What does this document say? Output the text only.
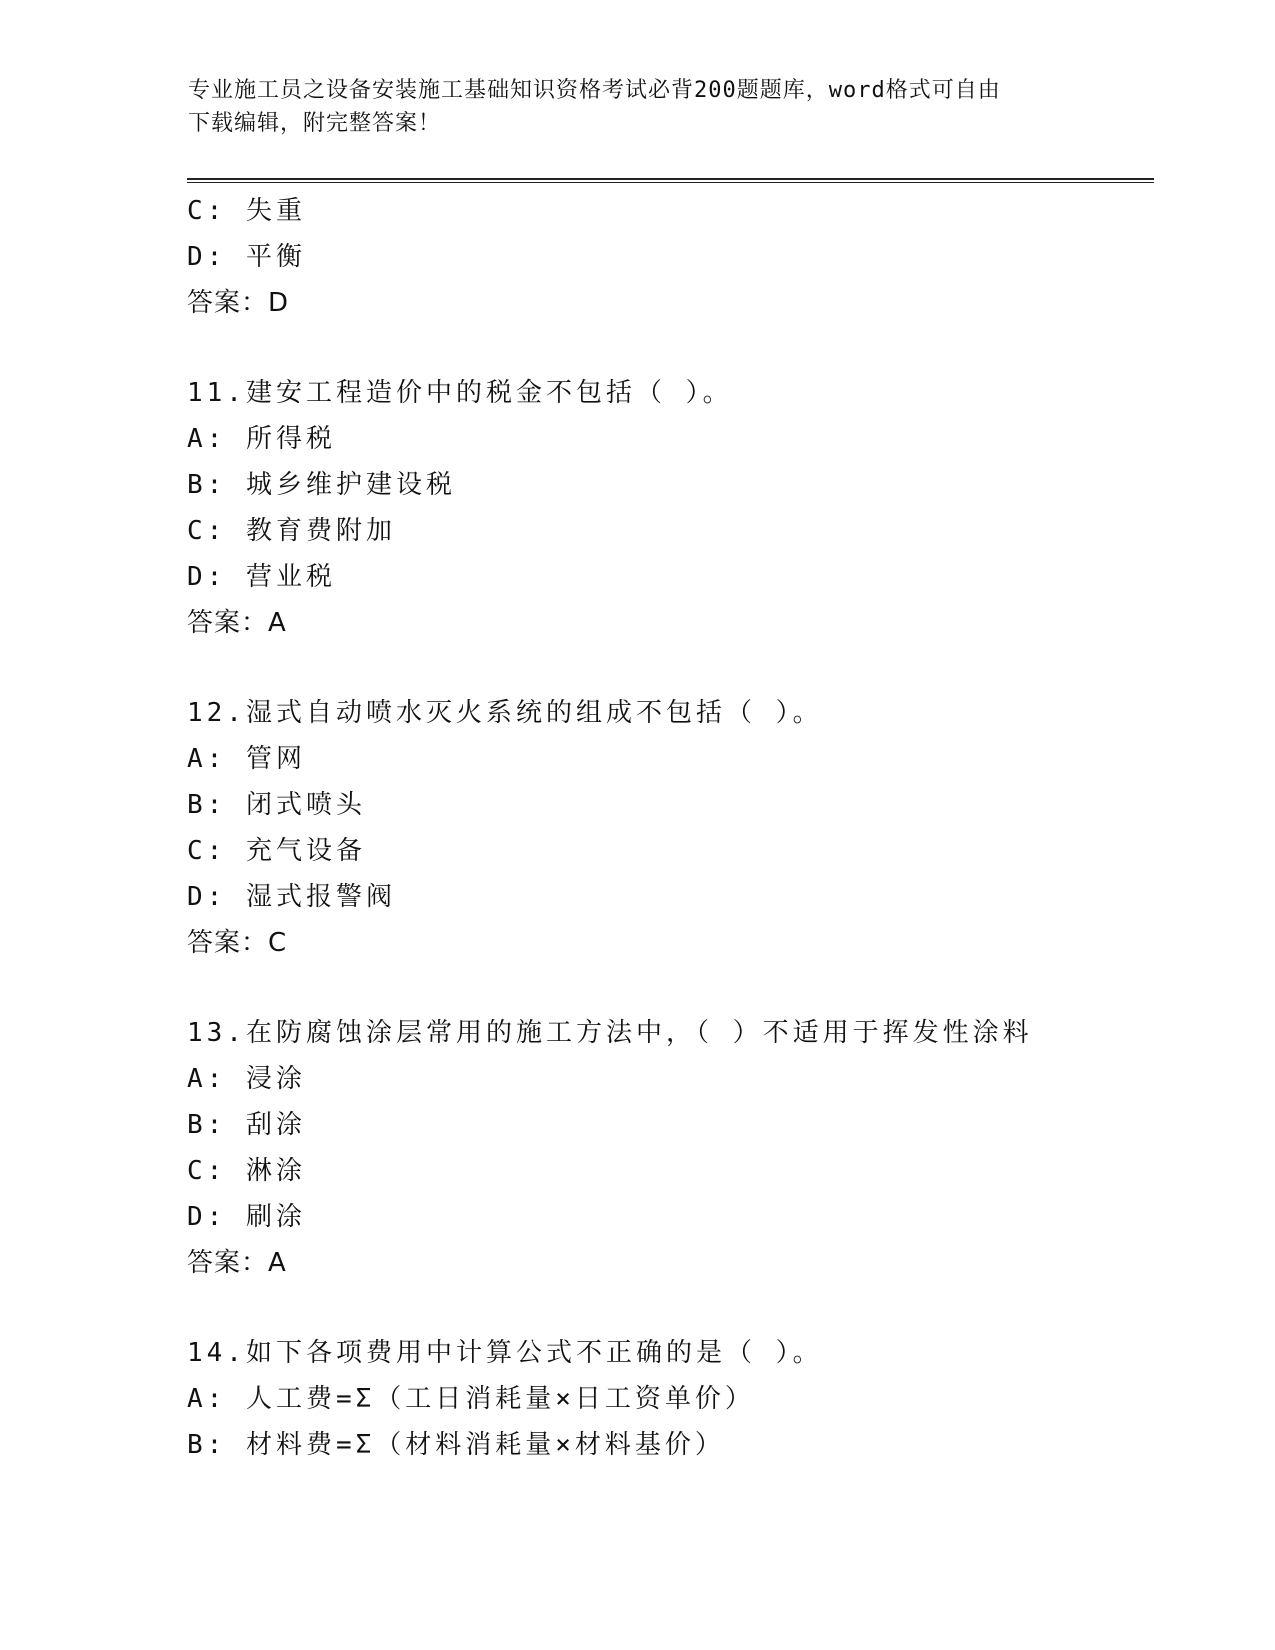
专业施工员之设备安装施工基础知识资格考试必背200题题库，word格式可自由
下载编辑，附完整答案！
C: 失重
D: 平衡
答案：D
11.建安工程造价中的税金不包括（ ）。
A: 所得税
B: 城乡维护建设税
C: 教育费附加
D: 营业税
答案：A
12.湿式自动喷水灭火系统的组成不包括（ ）。
A: 管网
B: 闭式喷头
C: 充气设备
D: 湿式报警阀
答案：C
13.在防腐蚀涂层常用的施工方法中，（ ）不适用于挥发性涂料
A: 浸涂
B: 刮涂
C: 淋涂
D: 刷涂
答案：A
14.如下各项费用中计算公式不正确的是（ ）。
A: 人工费=Σ（工日消耗量×日工资单价）
B: 材料费=Σ（材料消耗量×材料基价）
